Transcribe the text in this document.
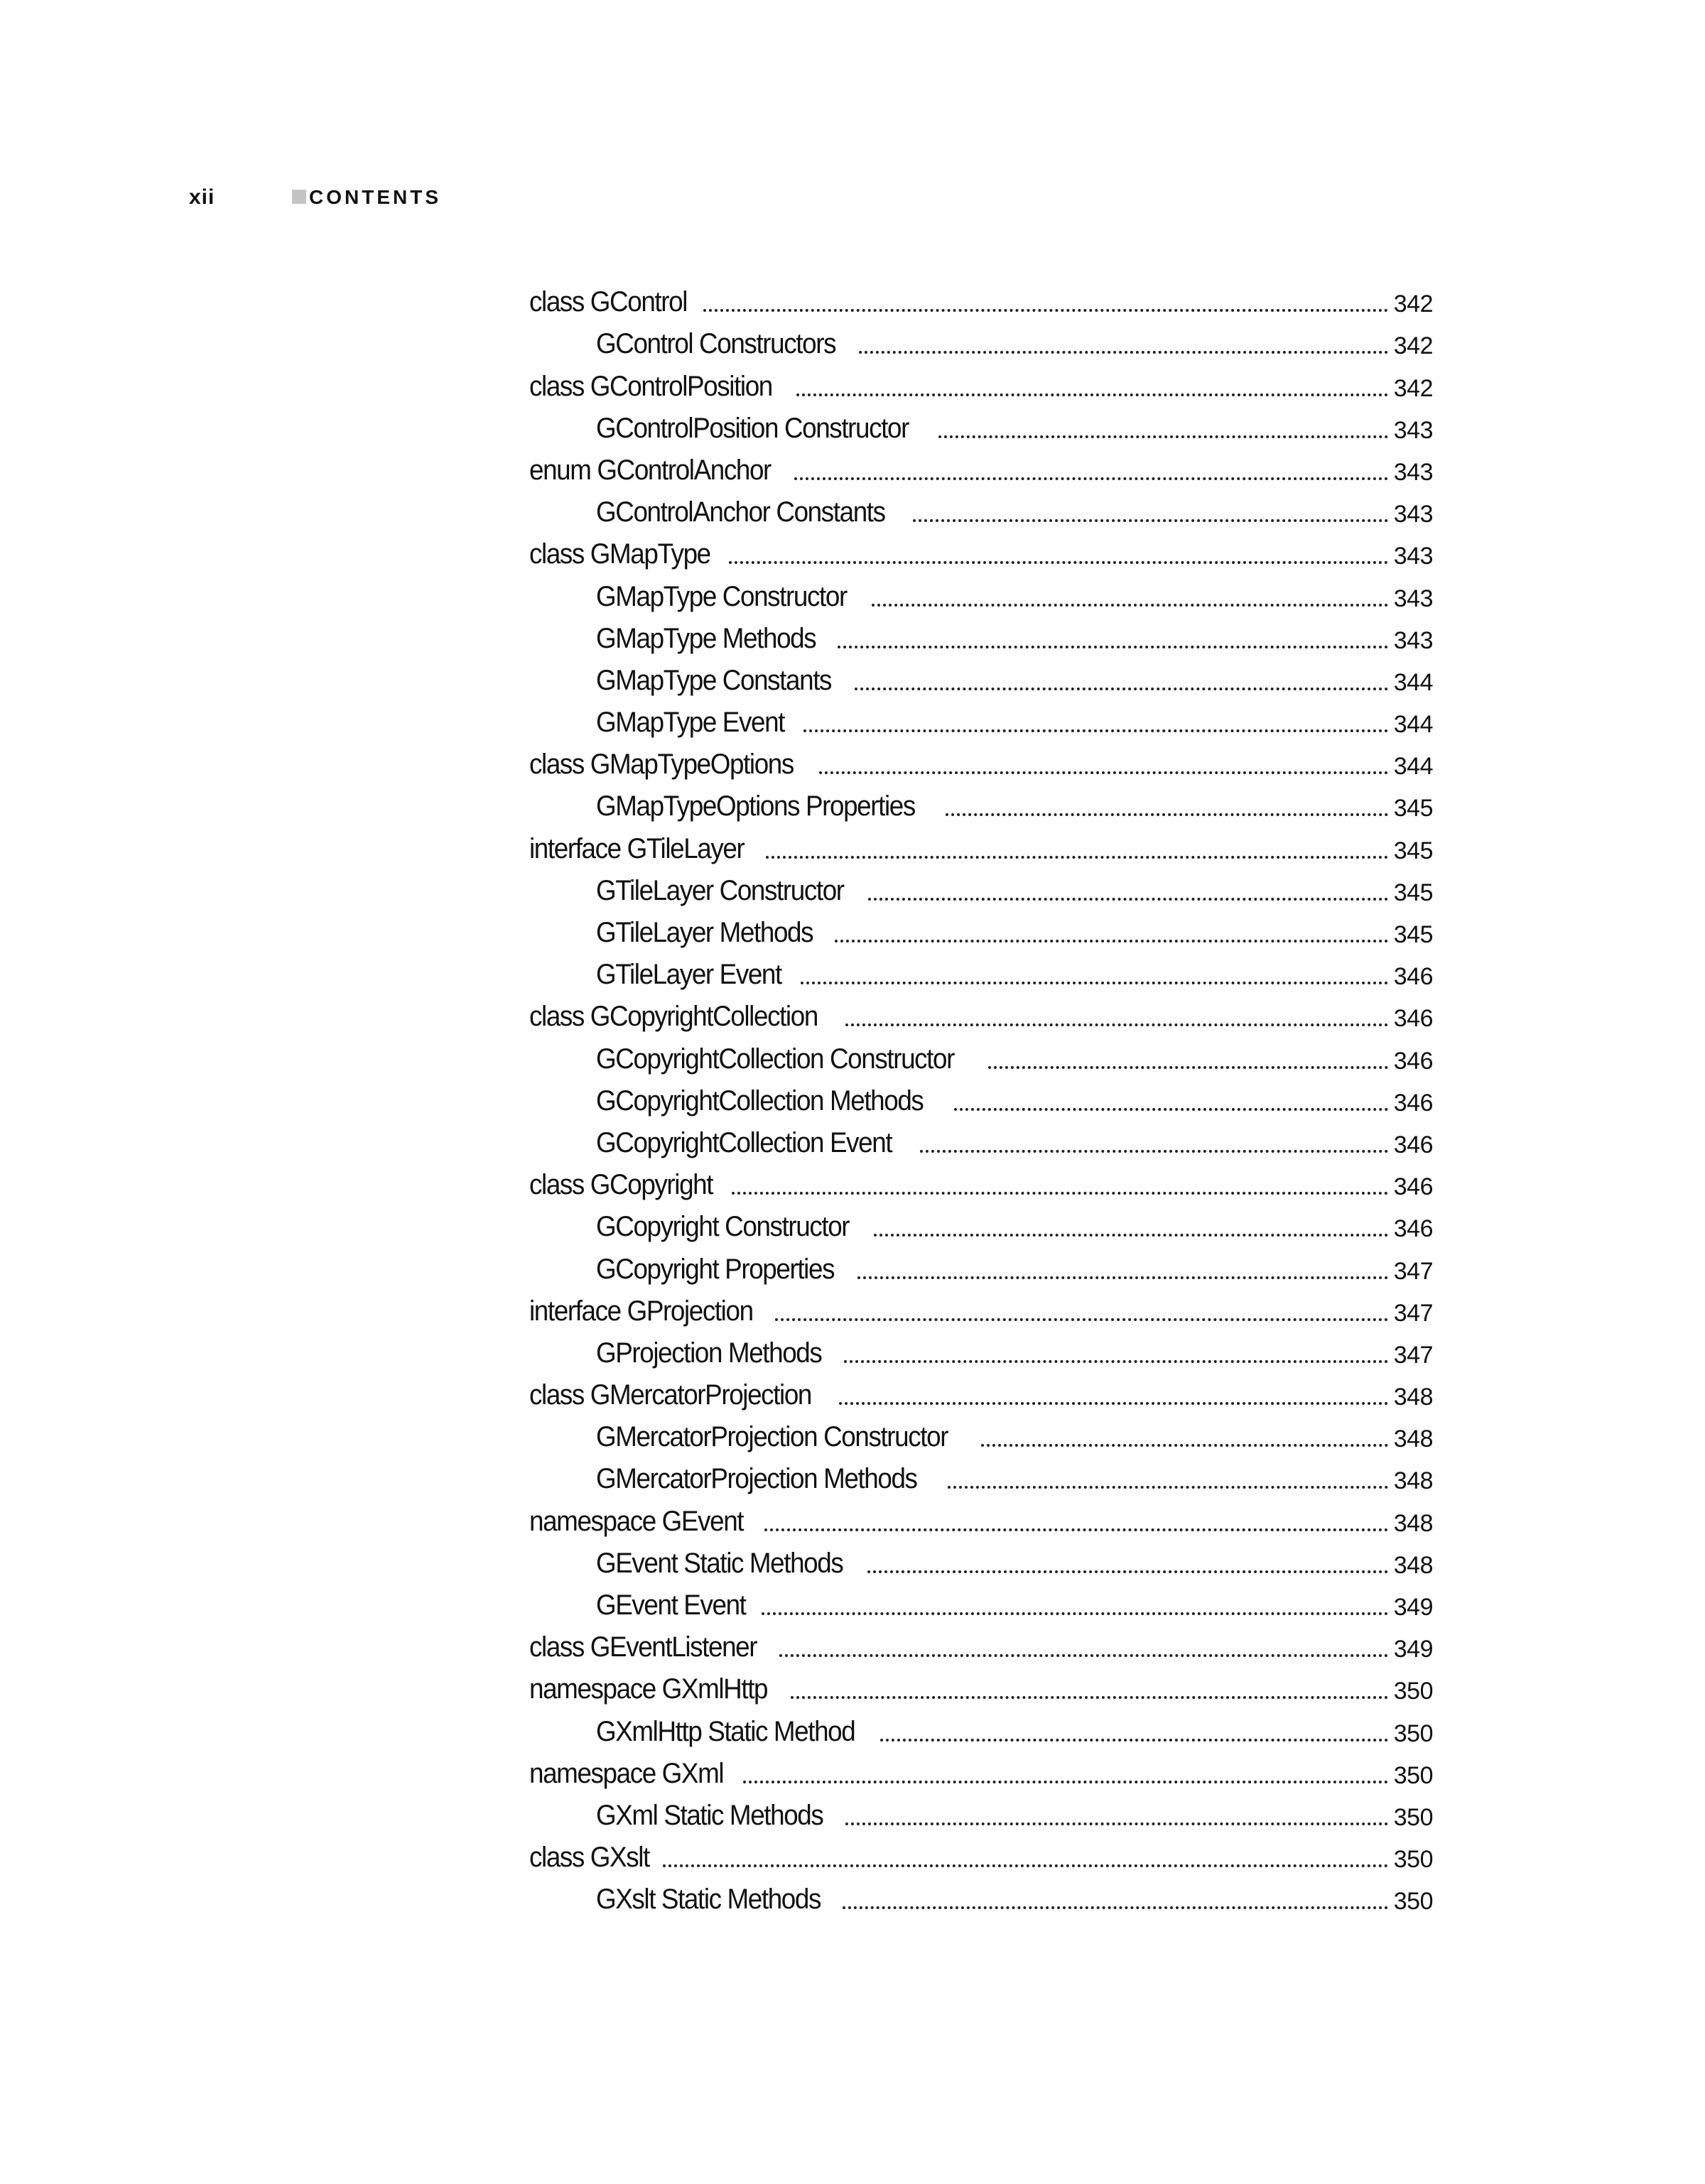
xii	CONTENTS
class GControl	342
GControl Constructors	342
class GControlPosition	342
GControlPosition Constructor	343
enum GControlAnchor	343
GControlAnchor Constants	343
class GMapType	343
GMapType Constructor	343
GMapType Methods	343
GMapType Constants	344
GMapType Event	344
class GMapTypeOptions	344
GMapTypeOptions Properties	345
interface GTileLayer	345
GTileLayer Constructor	345
GTileLayer Methods	345
GTileLayer Event	346
class GCopyrightCollection	346
GCopyrightCollection Constructor	346
GCopyrightCollection Methods	346
GCopyrightCollection Event	346
class GCopyright	346
GCopyright Constructor	346
GCopyright Properties	347
interface GProjection	347
GProjection Methods	347
class GMercatorProjection	348
GMercatorProjection Constructor	348
GMercatorProjection Methods	348
namespace GEvent	348
GEvent Static Methods	348
GEvent Event	349
class GEventListener	349
namespace GXmlHttp	350
GXmlHttp Static Method	350
namespace GXml	350
GXml Static Methods	350
class GXslt	350
GXslt Static Methods	350
